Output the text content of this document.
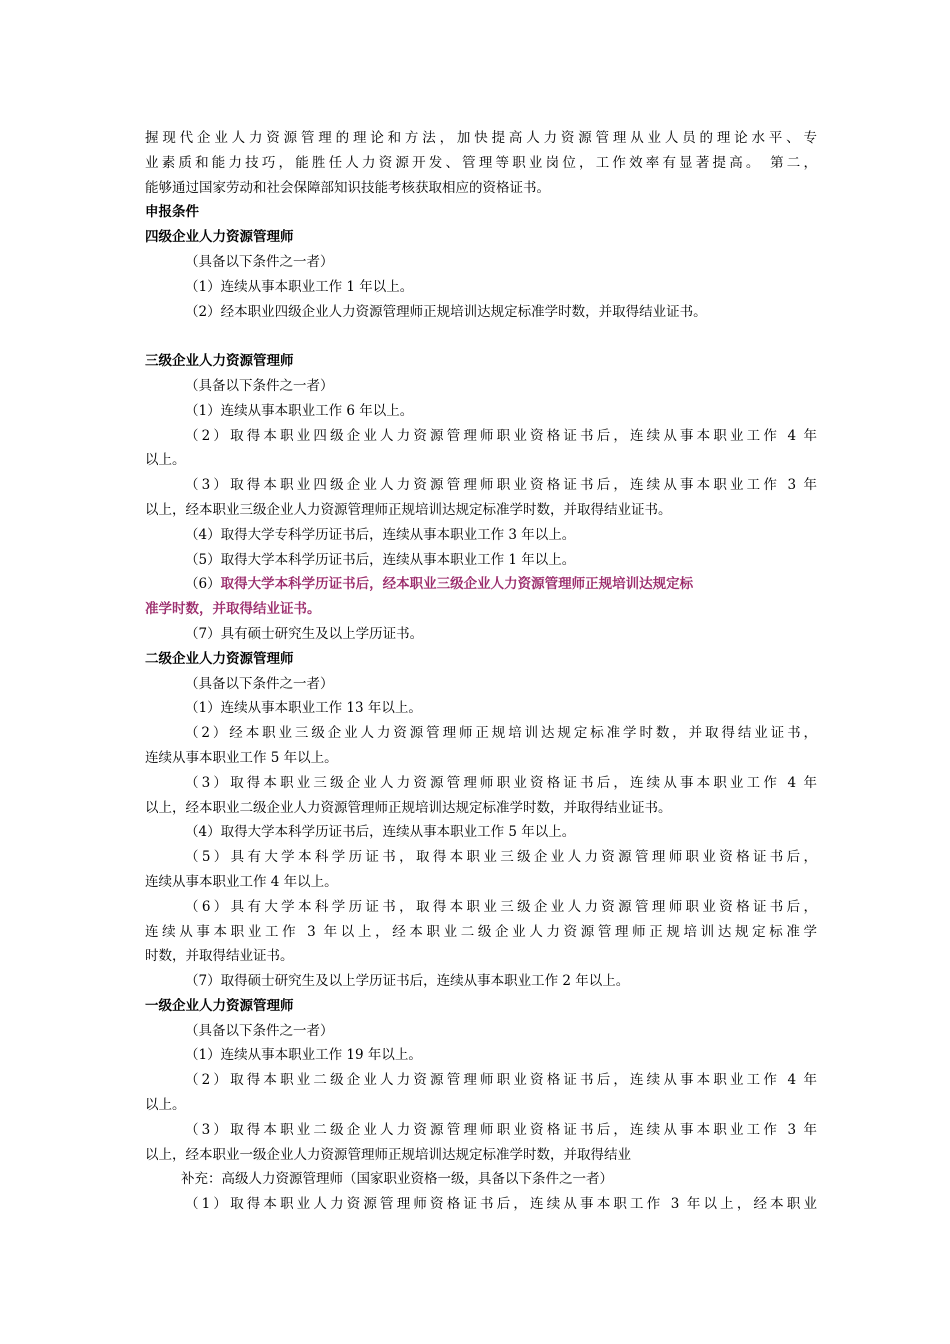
握现代企业人力资源管理的理论和方法，加快提高人力资源管理从业人员的理论水平、专
业素质和能力技巧，能胜任人力资源开发、管理等职业岗位，工作效率有显著提高。 第二，
能够通过国家劳动和社会保障部知识技能考核获取相应的资格证书。
申报条件
四级企业人力资源管理师
（具备以下条件之一者）
（1）连续从事本职业工作 1 年以上。
（2）经本职业四级企业人力资源管理师正规培训达规定标准学时数，并取得结业证书。
三级企业人力资源管理师
（具备以下条件之一者）
（1）连续从事本职业工作 6 年以上。
（2）取得本职业四级企业人力资源管理师职业资格证书后，连续从事本职业工作 4 年
以上。
（3）取得本职业四级企业人力资源管理师职业资格证书后，连续从事本职业工作 3 年
以上，经本职业三级企业人力资源管理师正规培训达规定标准学时数，并取得结业证书。
（4）取得大学专科学历证书后，连续从事本职业工作 3 年以上。
（5）取得大学本科学历证书后，连续从事本职业工作 1 年以上。
（6）取得大学本科学历证书后，经本职业三级企业人力资源管理师正规培训达规定标
准学时数，并取得结业证书。
（7）具有硕士研究生及以上学历证书。
二级企业人力资源管理师
（具备以下条件之一者）
（1）连续从事本职业工作 13 年以上。
（2）经本职业三级企业人力资源管理师正规培训达规定标准学时数，并取得结业证书，
连续从事本职业工作 5 年以上。
（3）取得本职业三级企业人力资源管理师职业资格证书后，连续从事本职业工作 4 年
以上，经本职业二级企业人力资源管理师正规培训达规定标准学时数，并取得结业证书。
（4）取得大学本科学历证书后，连续从事本职业工作 5 年以上。
（5）具有大学本科学历证书，取得本职业三级企业人力资源管理师职业资格证书后，
连续从事本职业工作 4 年以上。
（6）具有大学本科学历证书，取得本职业三级企业人力资源管理师职业资格证书后，
连续从事本职业工作 3 年以上，经本职业二级企业人力资源管理师正规培训达规定标准学
时数，并取得结业证书。
（7）取得硕士研究生及以上学历证书后，连续从事本职业工作 2 年以上。
一级企业人力资源管理师
（具备以下条件之一者）
（1）连续从事本职业工作 19 年以上。
（2）取得本职业二级企业人力资源管理师职业资格证书后，连续从事本职业工作 4 年
以上。
（3）取得本职业二级企业人力资源管理师职业资格证书后，连续从事本职业工作 3 年
以上，经本职业一级企业人力资源管理师正规培训达规定标准学时数，并取得结业
补充：高级人力资源管理师（国家职业资格一级，具备以下条件之一者）
（1）取得本职业人力资源管理师资格证书后，连续从事本职工作 3 年以上，经本职业
